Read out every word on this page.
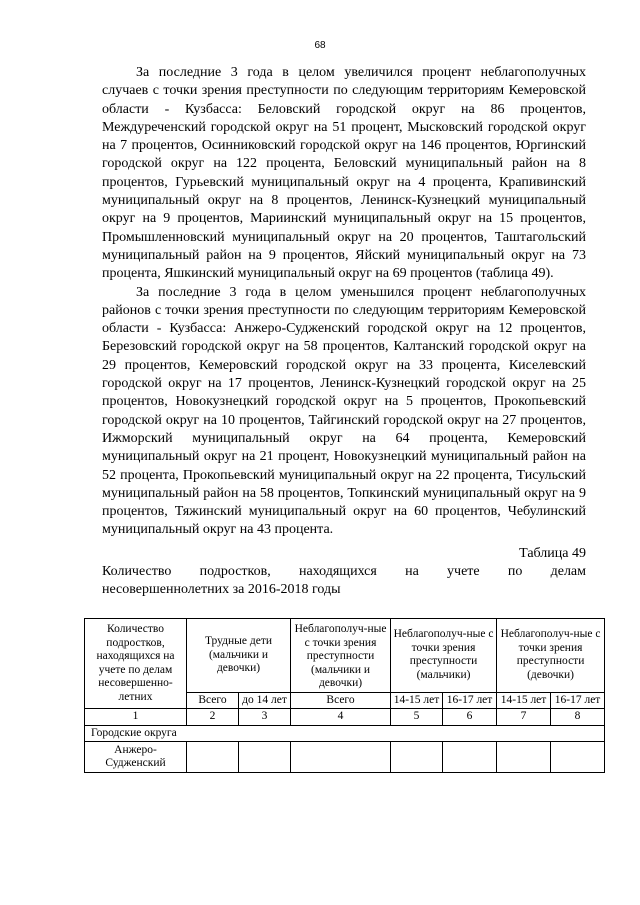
68

За последние 3 года в целом увеличился процент неблагополучных случаев с точки зрения преступности по следующим территориям Кемеровской области - Кузбасса: Беловский городской округ на 86 процентов, Междуреченский городской округ на 51 процент, Мысковский городской округ на 7 процентов, Осинниковский городской округ на 146 процентов, Юргинский городской округ на 122 процента, Беловский муниципальный район на 8 процентов, Гурьевский муниципальный округ на 4 процента, Крапивинский муниципальный округ на 8 процентов, Ленинск-Кузнецкий муниципальный округ на 9 процентов, Мариинский муниципальный округ на 15 процентов, Промышленновский муниципальный округ на 20 процентов, Таштагольский муниципальный район на 9 процентов, Яйский муниципальный округ на 73 процента, Яшкинский муниципальный округ на 69 процентов (таблица 49).

За последние 3 года в целом уменьшился процент неблагополучных районов с точки зрения преступности по следующим территориям Кемеровской области - Кузбасса: Анжеро-Судженский городской округ на 12 процентов, Березовский городской округ на 58 процентов, Калтанский городской округ на 29 процентов, Кемеровский городской округ на 33 процента, Киселевский городской округ на 17 процентов, Ленинск-Кузнецкий городской округ на 25 процентов, Новокузнецкий городской округ на 5 процентов, Прокопьевский городской округ на 10 процентов, Тайгинский городской округ на 27 процентов, Ижморский муниципальный округ на 64 процента, Кемеровский муниципальный округ на 21 процент, Новокузнецкий муниципальный район на 52 процента, Прокопьевский муниципальный округ на 22 процента, Тисульский муниципальный район на 58 процентов, Топкинский муниципальный округ на 9 процентов, Тяжинский муниципальный округ на 60 процентов, Чебулинский муниципальный округ на 43 процента.

Таблица 49

Количество подростков, находящихся на учете по делам

несовершеннолетних за 2016-2018 годы

Количество подростков, находящихся на учете по делам несовершенно-летних	Трудные дети (мальчики и девочки)		Неблагополуч-ные с точки зрения преступности (мальчики и девочки)	Неблагополуч-ные с точки зрения преступности (мальчики)		Неблагополуч-ные с точки зрения преступности (девочки)	
	Всего	до 14 лет	Всего	14-15 лет	16-17 лет	14-15 лет	16-17 лет
1	2	3	4	5	6	7	8
Городские округа							
Анжеро-Судженский							
